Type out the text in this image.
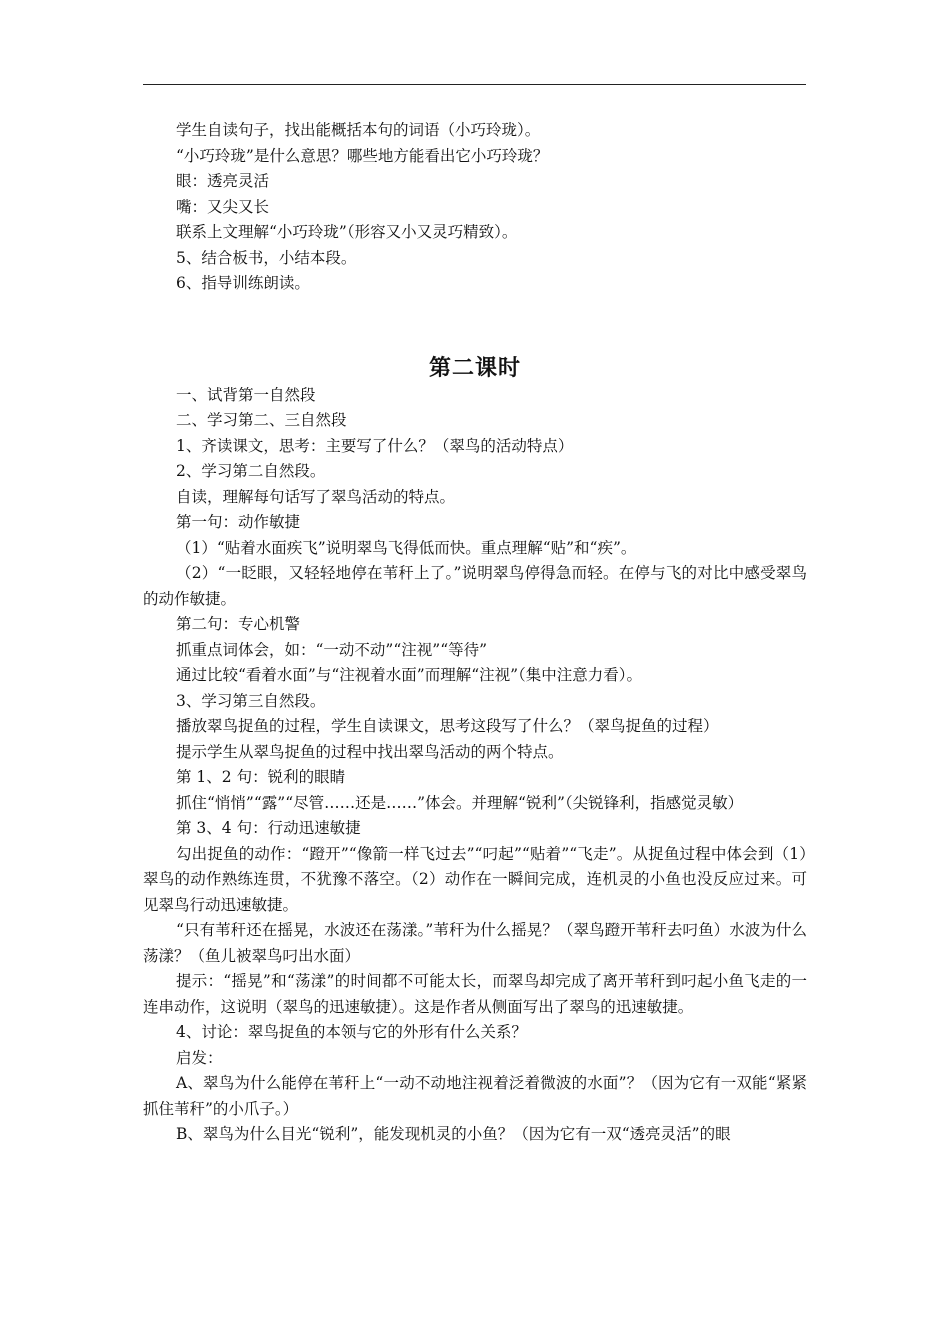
学生自读句子，找出能概括本句的词语（小巧玲珑）。

“小巧玲珑”是什么意思？哪些地方能看出它小巧玲珑？

眼：透亮灵活

嘴：又尖又长

联系上文理解“小巧玲珑”（形容又小又灵巧精致）。

5、结合板书，小结本段。

6、指导训练朗读。

第二课时

一、试背第一自然段

二、学习第二、三自然段

1、齐读课文，思考：主要写了什么？（翠鸟的活动特点）

2、学习第二自然段。

自读，理解每句话写了翠鸟活动的特点。

第一句：动作敏捷

（1）“贴着水面疾飞”说明翠鸟飞得低而快。重点理解“贴”和“疾”。

（2）“一眨眼，又轻轻地停在苇秆上了。”说明翠鸟停得急而轻。在停与飞的对比中感受翠鸟的动作敏捷。

第二句：专心机警

抓重点词体会，如：“一动不动”“注视”“等待”

通过比较“看着水面”与“注视着水面”而理解“注视”（集中注意力看）。

3、学习第三自然段。

播放翠鸟捉鱼的过程，学生自读课文，思考这段写了什么？（翠鸟捉鱼的过程）

提示学生从翠鸟捉鱼的过程中找出翠鸟活动的两个特点。

第 1、2 句：锐利的眼睛

抓住“悄悄”“露”“尽管……还是……”体会。并理解“锐利”（尖锐锋利，指感觉灵敏）

第 3、4 句：行动迅速敏捷

勾出捉鱼的动作：“蹬开”“像箭一样飞过去”“叼起”“贴着”“飞走”。从捉鱼过程中体会到（1）翠鸟的动作熟练连贯，不犹豫不落空。（2）动作在一瞬间完成，连机灵的小鱼也没反应过来。可见翠鸟行动迅速敏捷。

“只有苇秆还在摇晃，水波还在荡漾。”苇秆为什么摇晃？（翠鸟蹬开苇秆去叼鱼）水波为什么荡漾？（鱼儿被翠鸟叼出水面）

提示：“摇晃”和“荡漾”的时间都不可能太长，而翠鸟却完成了离开苇秆到叼起小鱼飞走的一连串动作，这说明（翠鸟的迅速敏捷）。这是作者从侧面写出了翠鸟的迅速敏捷。

4、讨论：翠鸟捉鱼的本领与它的外形有什么关系？

启发：

A、翠鸟为什么能停在苇秆上“一动不动地注视着泛着微波的水面”？（因为它有一双能“紧紧抓住苇秆”的小爪子。）

B、翠鸟为什么目光“锐利”，能发现机灵的小鱼？（因为它有一双“透亮灵活”的眼
